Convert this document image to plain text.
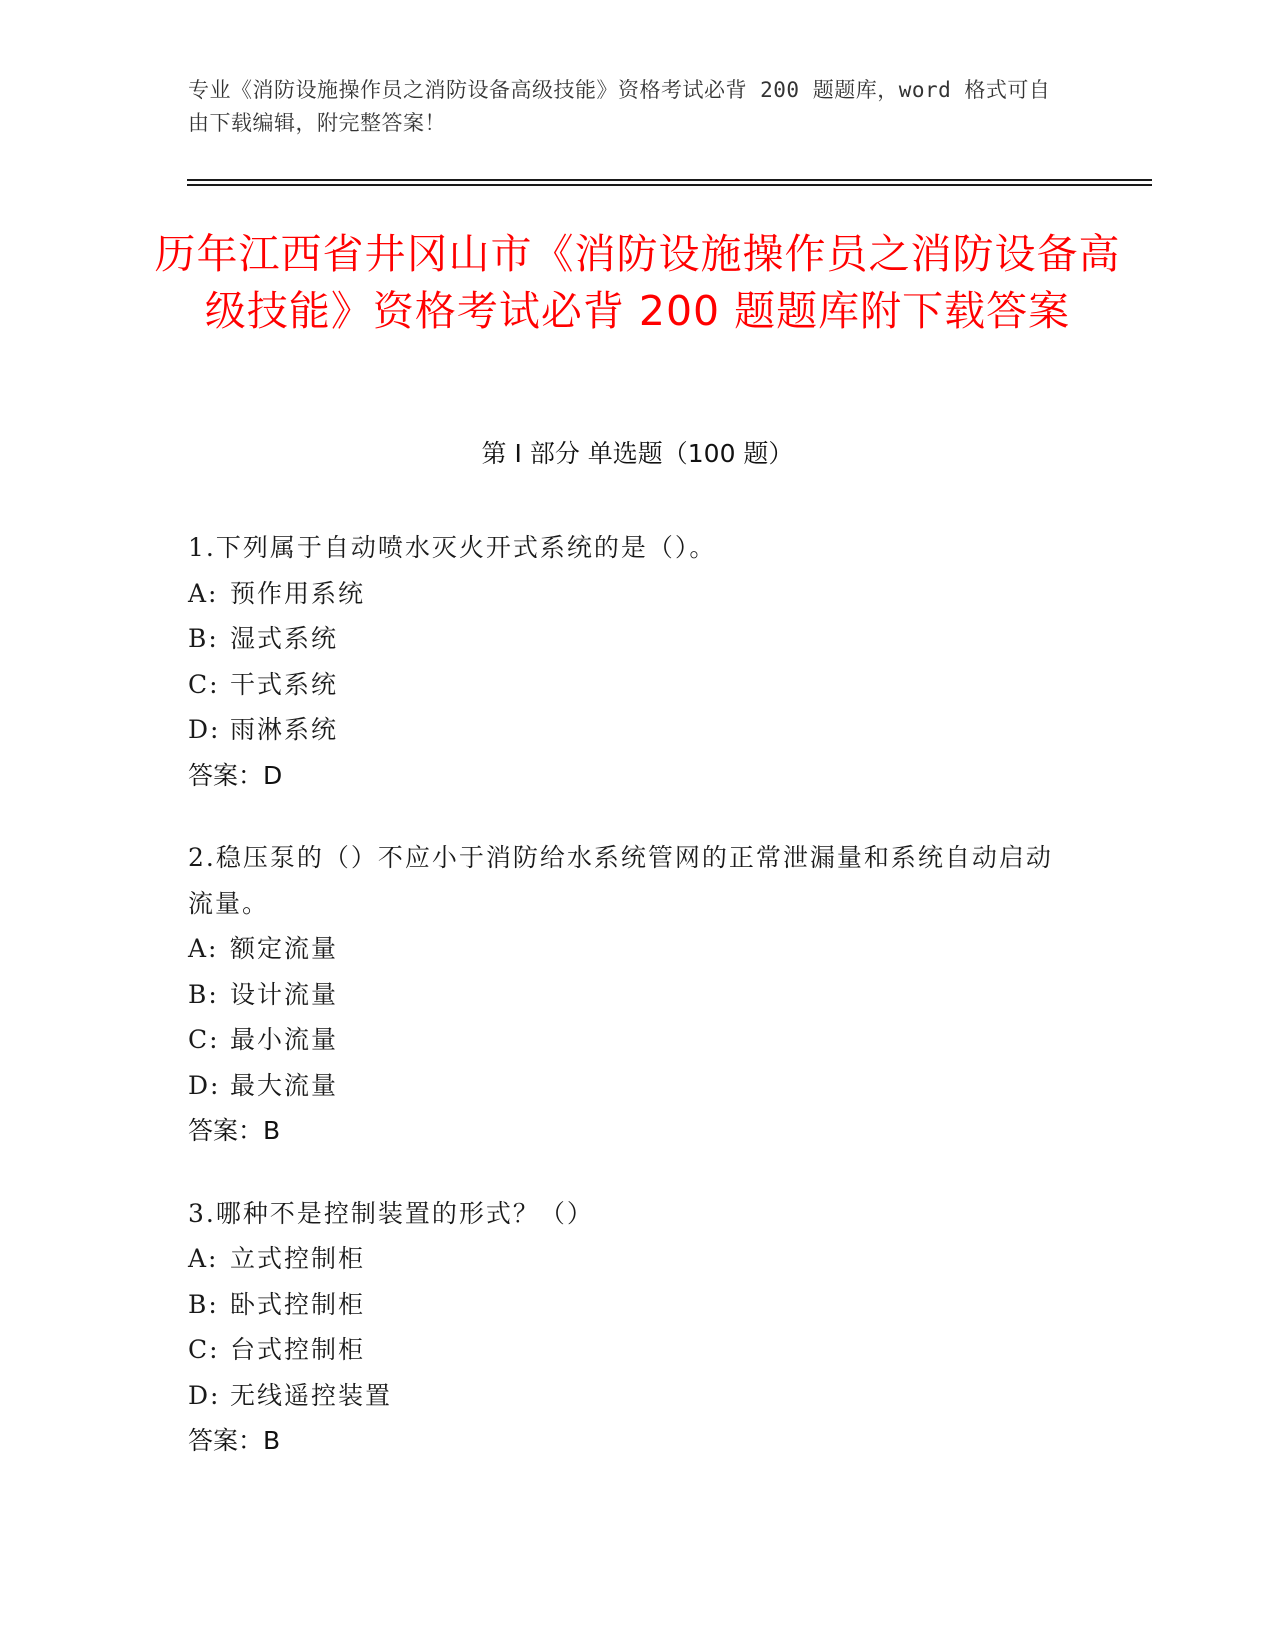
专业《消防设施操作员之消防设备高级技能》资格考试必背 200 题题库，word 格式可自由下载编辑，附完整答案！
历年江西省井冈山市《消防设施操作员之消防设备高级技能》资格考试必背 200 题题库附下载答案
第 I 部分 单选题（100 题）
1.下列属于自动喷水灭火开式系统的是（）。
A: 预作用系统
B: 湿式系统
C: 干式系统
D: 雨淋系统
答案：D
2.稳压泵的（）不应小于消防给水系统管网的正常泄漏量和系统自动启动流量。
A: 额定流量
B: 设计流量
C: 最小流量
D: 最大流量
答案：B
3.哪种不是控制装置的形式？（）
A: 立式控制柜
B: 卧式控制柜
C: 台式控制柜
D: 无线遥控装置
答案：B
